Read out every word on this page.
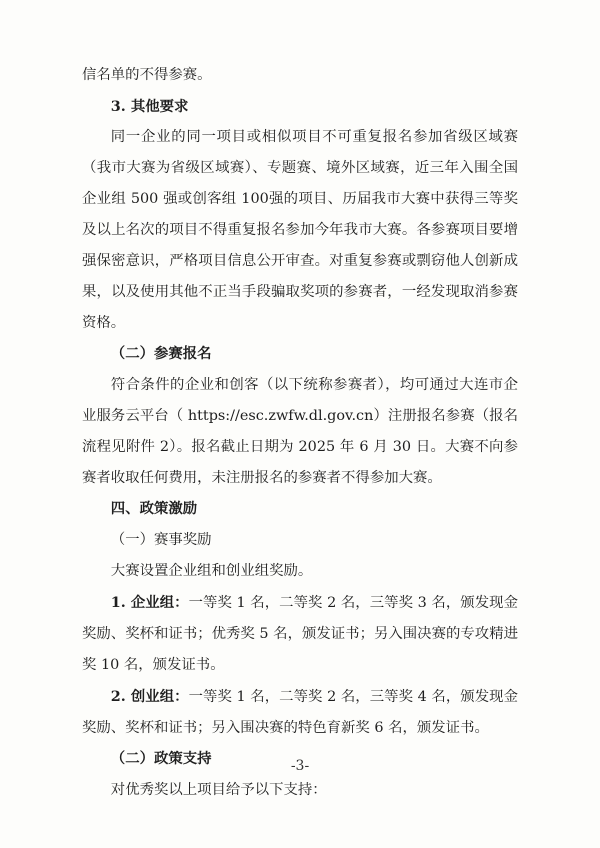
信名单的不得参赛。

3. 其他要求

同一企业的同一项目或相似项目不可重复报名参加省级区域赛（我市大赛为省级区域赛）、专题赛、境外区域赛，近三年入围全国企业组 500 强或创客组 100强的项目、历届我市大赛中获得三等奖及以上名次的项目不得重复报名参加今年我市大赛。各参赛项目要增强保密意识，严格项目信息公开审查。对重复参赛或剽窃他人创新成果，以及使用其他不正当手段骗取奖项的参赛者，一经发现取消参赛资格。

（二）参赛报名

符合条件的企业和创客（以下统称参赛者），均可通过大连市企业服务云平台（ https://esc.zwfw.dl.gov.cn）注册报名参赛（报名流程见附件 2）。报名截止日期为 2025 年 6 月 30 日。大赛不向参赛者收取任何费用，未注册报名的参赛者不得参加大赛。

四、政策激励

（一）赛事奖励

大赛设置企业组和创业组奖励。

1. 企业组：一等奖 1 名，二等奖 2 名，三等奖 3 名，颁发现金奖励、奖杯和证书；优秀奖 5 名，颁发证书；另入围决赛的专攻精进奖 10 名，颁发证书。

2. 创业组：一等奖 1 名，二等奖 2 名，三等奖 4 名，颁发现金奖励、奖杯和证书；另入围决赛的特色育新奖 6 名，颁发证书。

（二）政策支持

对优秀奖以上项目给予以下支持：

-3-
